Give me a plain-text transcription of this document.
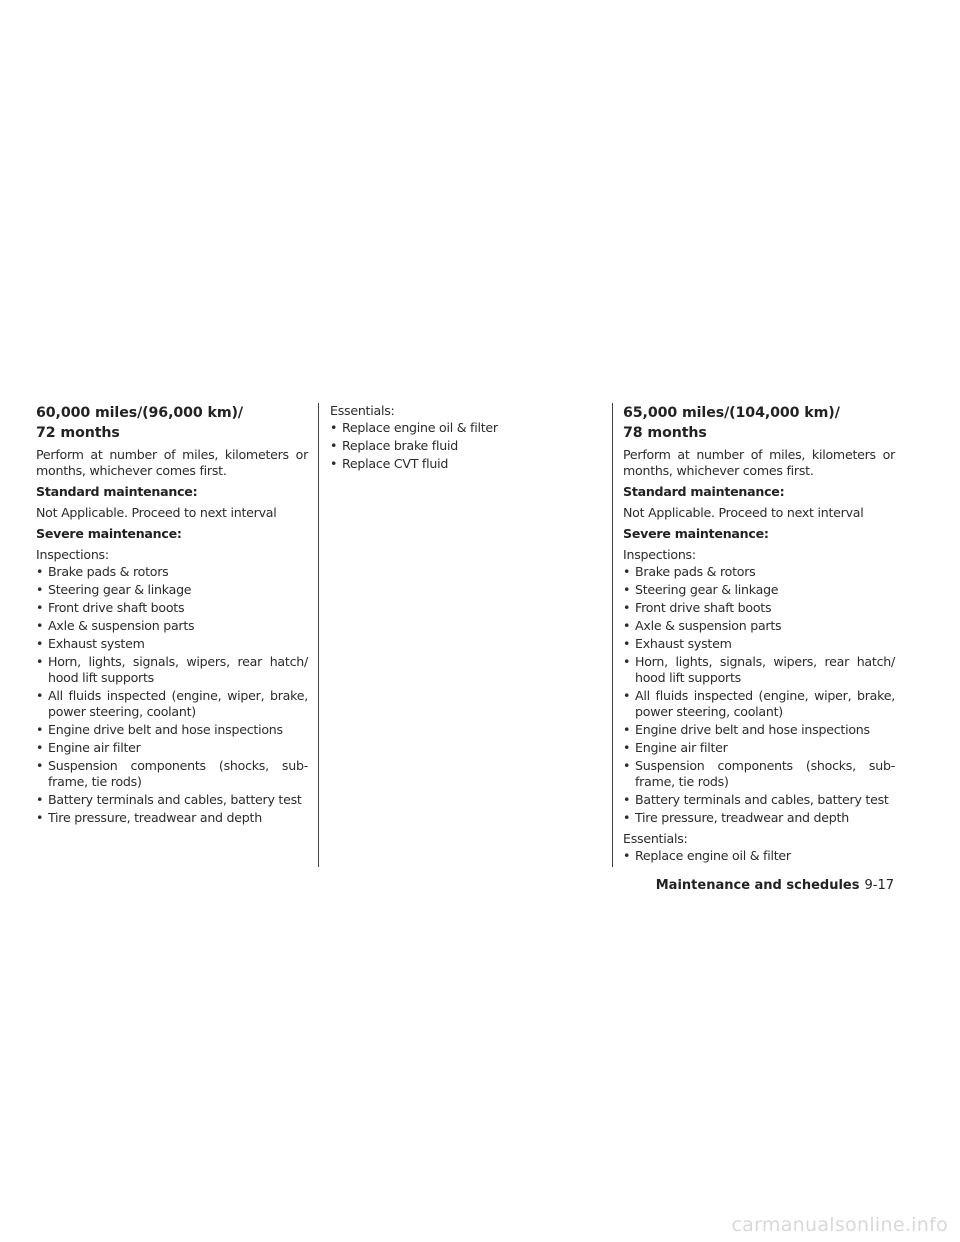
60,000 miles/(96,000 km)/
72 months

Perform at number of miles, kilometers or months, whichever comes first.

Standard maintenance:

Not Applicable. Proceed to next interval

Severe maintenance:

Inspections:

• Brake pads & rotors
• Steering gear & linkage
• Front drive shaft boots
• Axle & suspension parts
• Exhaust system
• Horn, lights, signals, wipers, rear hatch/ hood lift supports
• All fluids inspected (engine, wiper, brake, power steering, coolant)
• Engine drive belt and hose inspections
• Engine air filter
• Suspension components (shocks, sub-frame, tie rods)
• Battery terminals and cables, battery test
• Tire pressure, treadwear and depth

Essentials:

• Replace engine oil & filter
• Replace brake fluid
• Replace CVT fluid
65,000 miles/(104,000 km)/
78 months

Perform at number of miles, kilometers or months, whichever comes first.

Standard maintenance:

Not Applicable. Proceed to next interval

Severe maintenance:

Inspections:

• Brake pads & rotors
• Steering gear & linkage
• Front drive shaft boots
• Axle & suspension parts
• Exhaust system
• Horn, lights, signals, wipers, rear hatch/ hood lift supports
• All fluids inspected (engine, wiper, brake, power steering, coolant)
• Engine drive belt and hose inspections
• Engine air filter
• Suspension components (shocks, sub-frame, tie rods)
• Battery terminals and cables, battery test
• Tire pressure, treadwear and depth

Essentials:

• Replace engine oil & filter
Maintenance and schedules 9-17
carmanualsonline.info
